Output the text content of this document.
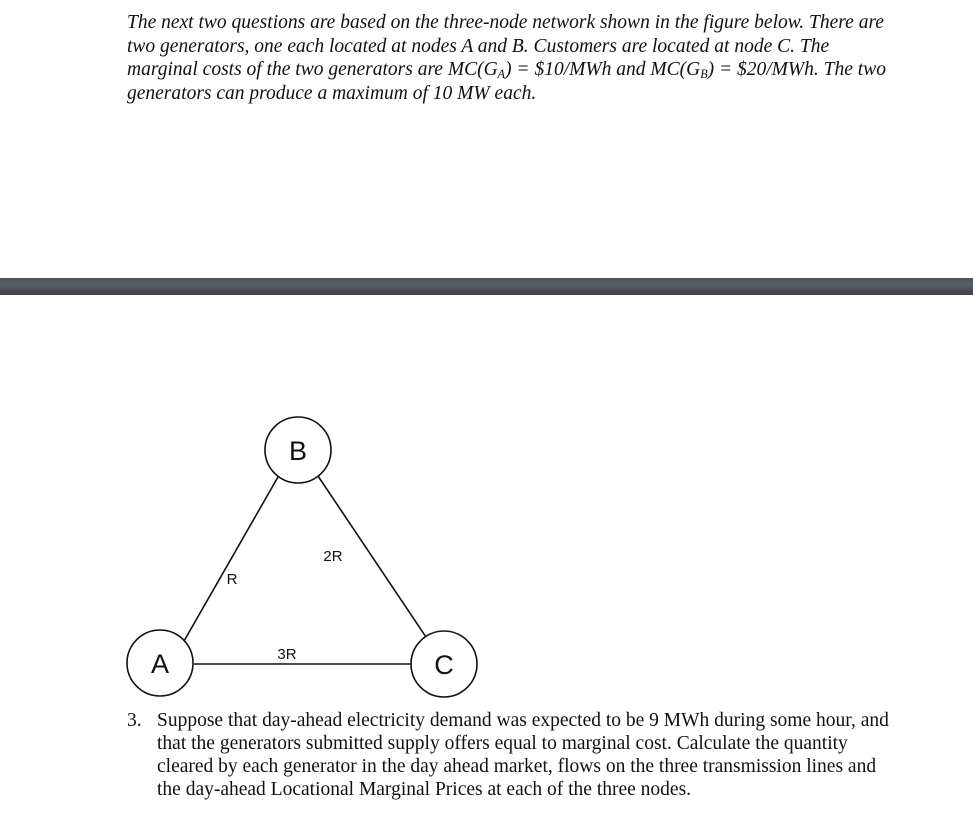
The next two questions are based on the three-node network shown in the figure below. There are
two generators, one each located at nodes A and B. Customers are located at node C. The
marginal costs of the two generators are $MC(G_A)$ = $10/MWh and $MC(G_B)$ = $20/MWh. The two
generators can produce a maximum of 10 MW each.

R
2R
3R
B
A	C
3. Suppose that day-ahead electricity demand was expected to be 9 MWh during some hour, and
that the generators submitted supply offers equal to marginal cost. Calculate the quantity
cleared by each generator in the day ahead market, flows on the three transmission lines and
the day-ahead Locational Marginal Prices at each of the three nodes.
